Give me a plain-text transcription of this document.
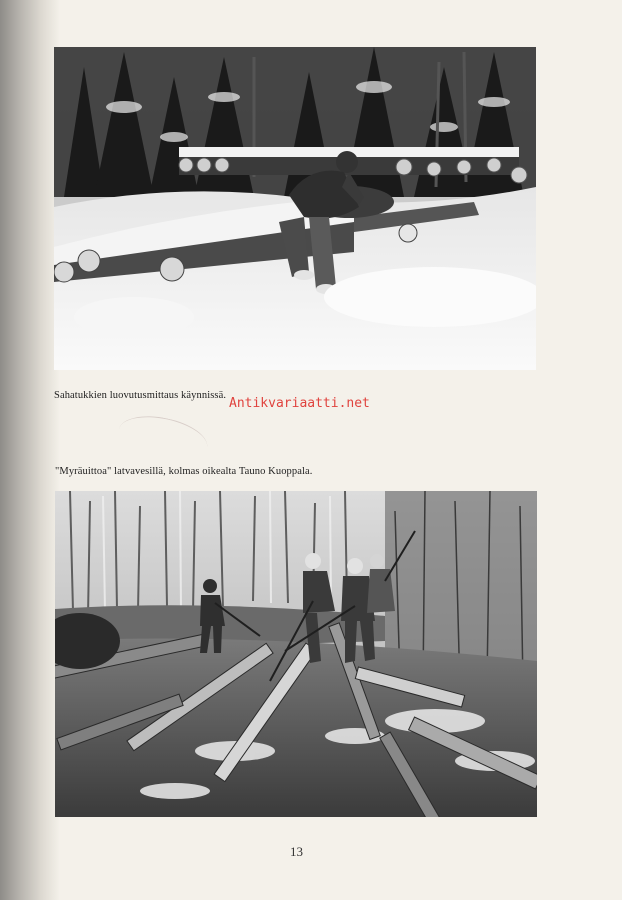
Sahatukkien luovutusmittaus käynnissä.

Antikvariaatti.net

"Myräuittoa" latvavesillä, kolmas oikealta Tauno Kuoppala.

13
